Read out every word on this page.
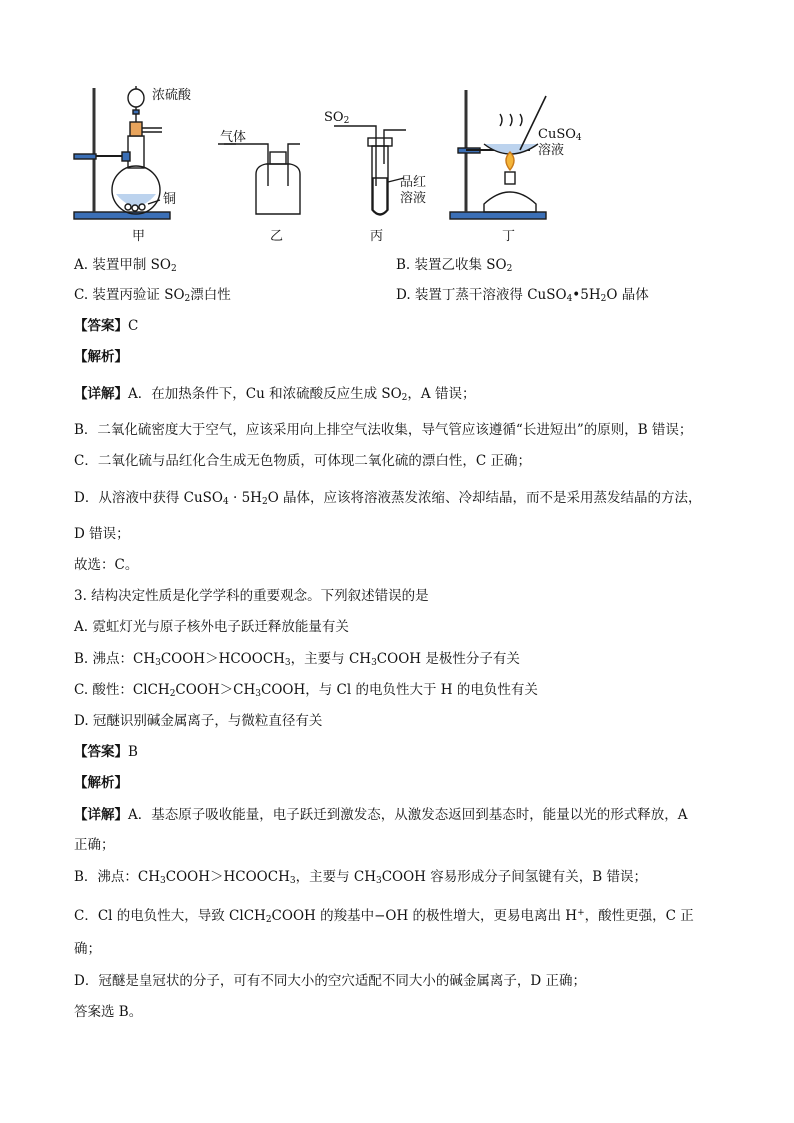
浓硫酸
铜
气体
$SO_2$
品红
溶液
CuSO$_4$
溶液
甲	乙	丙	丁
A. 装置甲制 $SO_2$	B. 装置乙收集 $SO_2$
C. 装置丙验证 $SO_2$漂白性	D. 装置丁蒸干溶液得 $CuSO_4•5H_2O$ 晶体
【答案】C
【解析】
【详解】A．在加热条件下，Cu 和浓硫酸反应生成 $SO_2$，A 错误；
B．二氧化硫密度大于空气，应该采用向上排空气法收集，导气管应该遵循“长进短出”的原则，B 错误；
C．二氧化硫与品红化合生成无色物质，可体现二氧化硫的漂白性，C 正确；
D．从溶液中获得 CuSO$_4$ · $5H_2O$ 晶体，应该将溶液蒸发浓缩、冷却结晶，而不是采用蒸发结晶的方法，
D 错误；
故选：C。
3. 结构决定性质是化学学科的重要观念。下列叙述错误的是
A. 霓虹灯光与原子核外电子跃迁释放能量有关
B. 沸点：$CH_3COOH>HCOOCH_3$，主要与 $CH_3COOH$ 是极性分子有关
C. 酸性：$ClCH_2COOH>CH_3COOH$，与 Cl 的电负性大于 H 的电负性有关
D. 冠醚识别碱金属离子，与微粒直径有关
【答案】B
【解析】
【详解】A．基态原子吸收能量，电子跃迁到激发态，从激发态返回到基态时，能量以光的形式释放，A
正确；
B．沸点：$CH_3COOH>HCOOCH_3$，主要与 $CH_3COOH$ 容易形成分子间氢键有关，B 错误；
C．Cl 的电负性大，导致 ClCH$_2$COOH 的羧基中−OH 的极性增大，更易电离出 H+，酸性更强，C 正
确；
D．冠醚是皇冠状的分子，可有不同大小的空穴适配不同大小的碱金属离子，D 正确；
答案选 B。
